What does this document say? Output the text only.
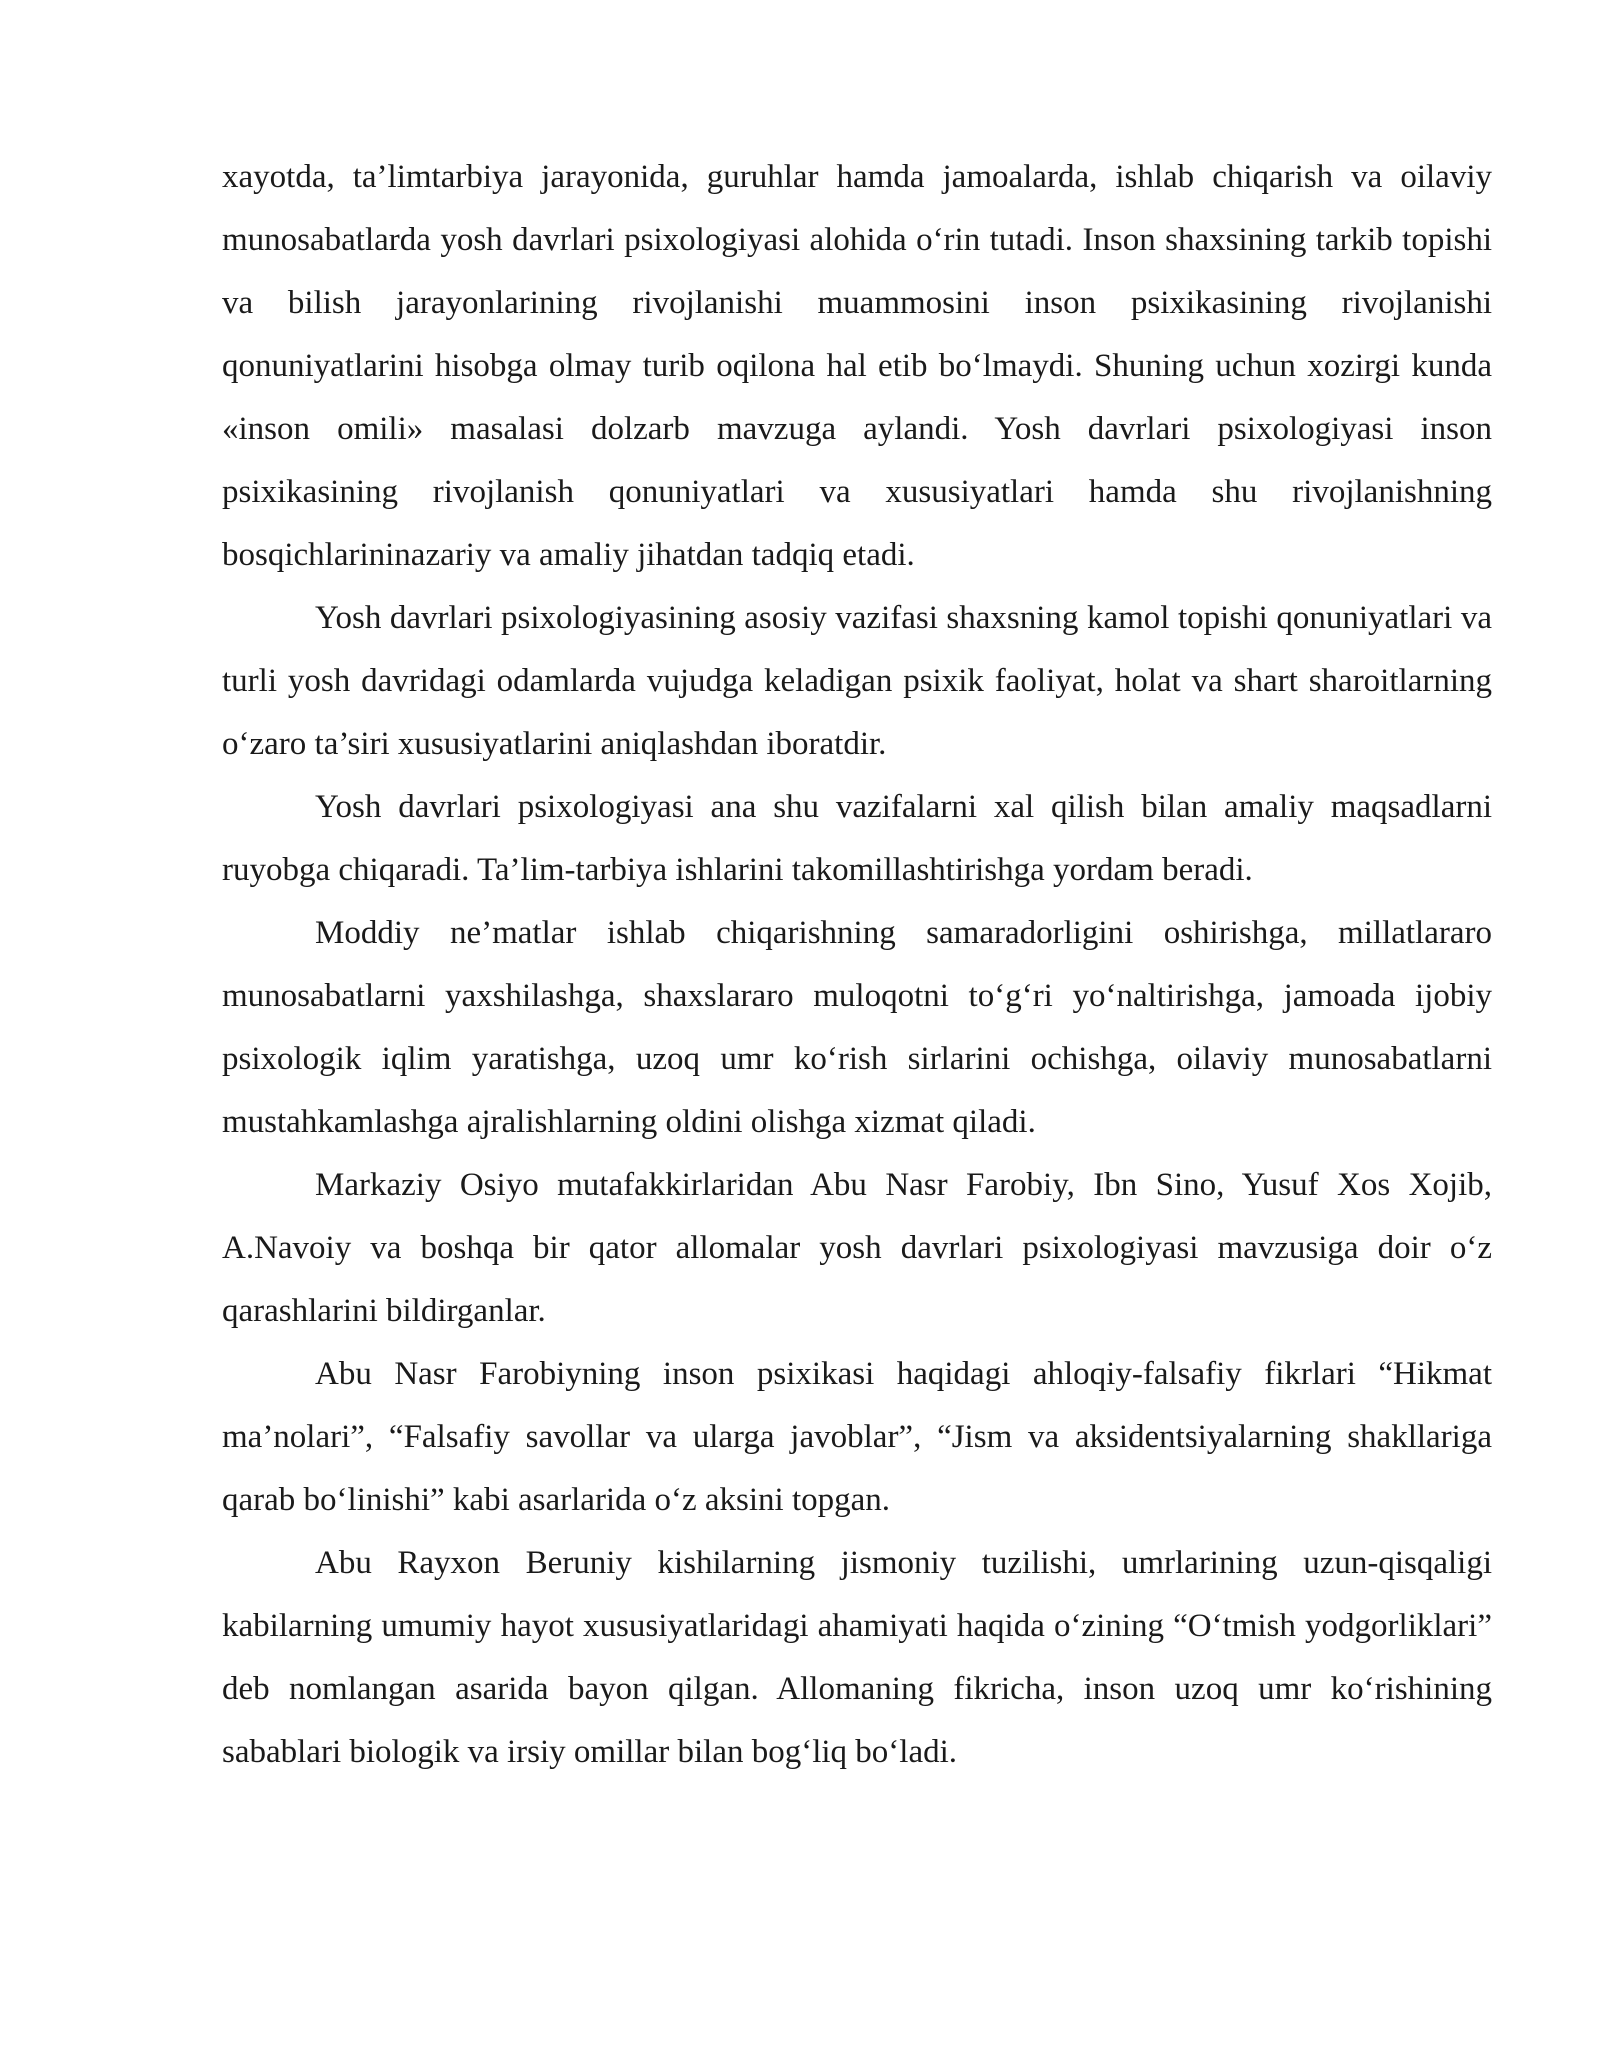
xayotda, ta’limtarbiya jarayonida, guruhlar hamda jamoalarda, ishlab chiqarish va oilaviy munosabatlarda yosh davrlari psixologiyasi alohida o‘rin tutadi. Inson shaxsining tarkib topishi va bilish jarayonlarining rivojlanishi muammosini inson psixikasining rivojlanishi qonuniyatlarini hisobga olmay turib oqilona hal etib bo‘lmaydi. Shuning uchun xozirgi kunda «inson omili» masalasi dolzarb mavzuga aylandi. Yosh davrlari psixologiyasi inson psixikasining rivojlanish qonuniyatlari va xususiyatlari hamda shu rivojlanishning bosqichlarininazariy va amaliy jihatdan tadqiq etadi.

Yosh davrlari psixologiyasining asosiy vazifasi shaxsning kamol topishi qonuniyatlari va turli yosh davridagi odamlarda vujudga keladigan psixik faoliyat, holat va shart sharoitlarning o‘zaro ta’siri xususiyatlarini aniqlashdan iboratdir.

Yosh davrlari psixologiyasi ana shu vazifalarni xal qilish bilan amaliy maqsadlarni ruyobga chiqaradi. Ta’lim-tarbiya ishlarini takomillashtirishga yordam beradi.

Moddiy ne’matlar ishlab chiqarishning samaradorligini oshirishga, millatlararo munosabatlarni yaxshilashga, shaxslararo muloqotni to‘g‘ri yo‘naltirishga, jamoada ijobiy psixologik iqlim yaratishga, uzoq umr ko‘rish sirlarini ochishga, oilaviy munosabatlarni mustahkamlashga ajralishlarning oldini olishga xizmat qiladi.

Markaziy Osiyo mutafakkirlaridan Abu Nasr Farobiy, Ibn Sino, Yusuf Xos Xojib, A.Navoiy va boshqa bir qator allomalar yosh davrlari psixologiyasi mavzusiga doir o‘z qarashlarini bildirganlar.

Abu Nasr Farobiyning inson psixikasi haqidagi ahloqiy-falsafiy fikrlari “Hikmat ma’nolari”, “Falsafiy savollar va ularga javoblar”, “Jism va aksidentsiyalarning shakllariga qarab bo‘linishi” kabi asarlarida o‘z aksini topgan.

Abu Rayxon Beruniy kishilarning jismoniy tuzilishi, umrlarining uzun-qisqaligi kabilarning umumiy hayot xususiyatlaridagi ahamiyati haqida o‘zining “O‘tmish yodgorliklari” deb nomlangan asarida bayon qilgan. Allomaning fikricha, inson uzoq umr ko‘rishining sabablari biologik va irsiy omillar bilan bog‘liq bo‘ladi.
